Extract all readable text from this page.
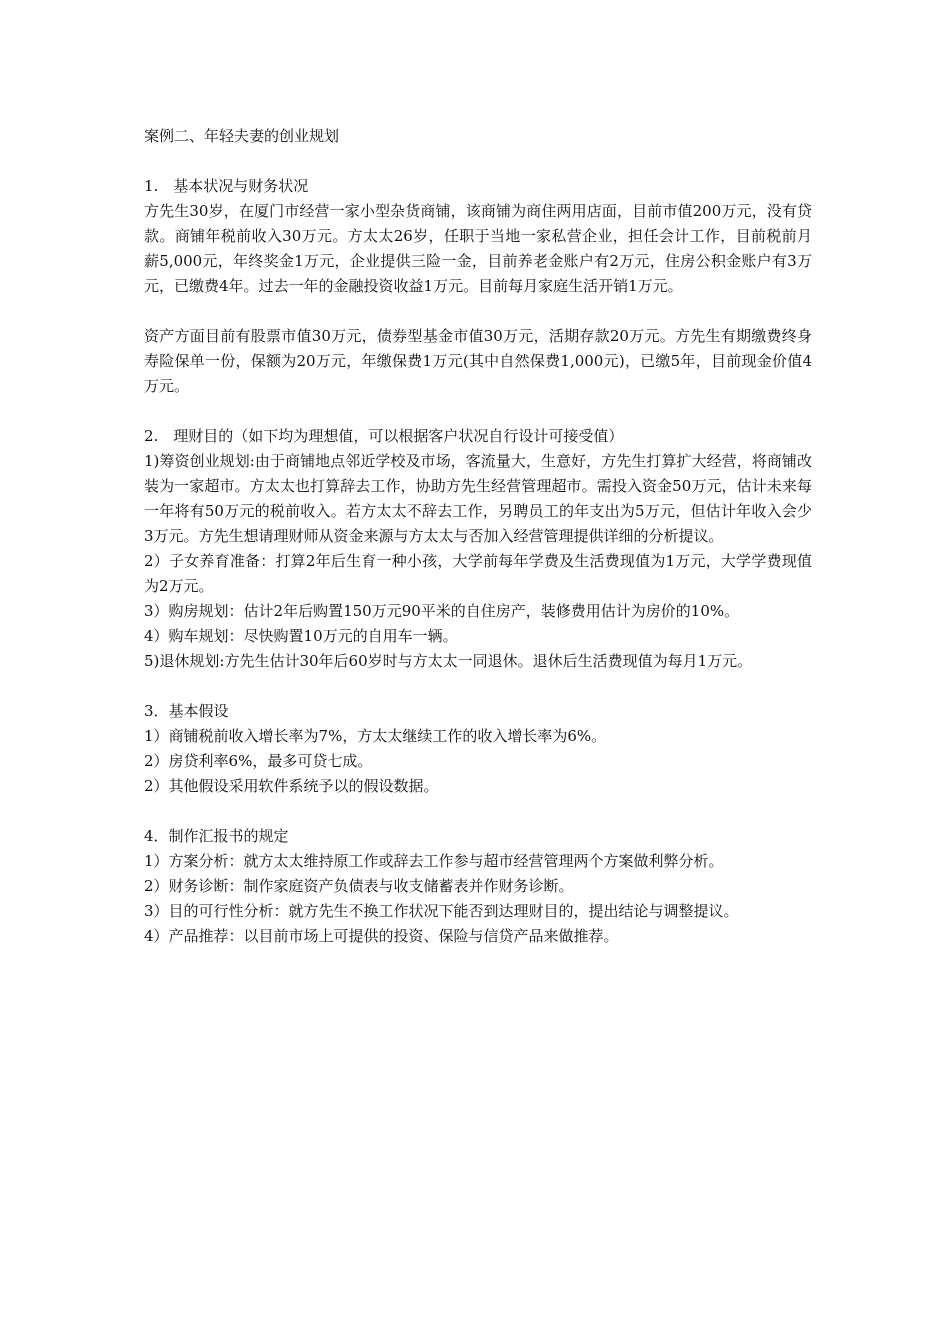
案例二、年轻夫妻的创业规划
1.　基本状况与财务状况
方先生30岁，在厦门市经营一家小型杂货商铺，该商铺为商住两用店面，目前市值200万元，没有贷款。商铺年税前收入30万元。方太太26岁，任职于当地一家私营企业，担任会计工作，目前税前月薪5,000元，年终奖金1万元，企业提供三险一金，目前养老金账户有2万元，住房公积金账户有3万元，已缴费4年。过去一年的金融投资收益1万元。目前每月家庭生活开销1万元。
资产方面目前有股票市值30万元，债券型基金市值30万元，活期存款20万元。方先生有期缴费终身寿险保单一份，保额为20万元，年缴保费1万元(其中自然保费1,000元)，已缴5年，目前现金价值4万元。
2.　理财目的（如下均为理想值，可以根据客户状况自行设计可接受值）
1)筹资创业规划:由于商铺地点邻近学校及市场，客流量大，生意好，方先生打算扩大经营，将商铺改装为一家超市。方太太也打算辞去工作，协助方先生经营管理超市。需投入资金50万元，估计未来每一年将有50万元的税前收入。若方太太不辞去工作，另聘员工的年支出为5万元，但估计年收入会少3万元。方先生想请理财师从资金来源与方太太与否加入经营管理提供详细的分析提议。
2）子女养育准备：打算2年后生育一种小孩，大学前每年学费及生活费现值为1万元，大学学费现值为2万元。
3）购房规划：估计2年后购置150万元90平米的自住房产，装修费用估计为房价的10%。
4）购车规划：尽快购置10万元的自用车一辆。
5)退休规划:方先生估计30年后60岁时与方太太一同退休。退休后生活费现值为每月1万元。
3．基本假设
1）商铺税前收入增长率为7%，方太太继续工作的收入增长率为6%。
2）房贷利率6%，最多可贷七成。
2）其他假设采用软件系统予以的假设数据。
4．制作汇报书的规定
1）方案分析：就方太太维持原工作或辞去工作参与超市经营管理两个方案做利弊分析。
2）财务诊断：制作家庭资产负债表与收支储蓄表并作财务诊断。
3）目的可行性分析：就方先生不换工作状况下能否到达理财目的，提出结论与调整提议。
4）产品推荐：以目前市场上可提供的投资、保险与信贷产品来做推荐。
